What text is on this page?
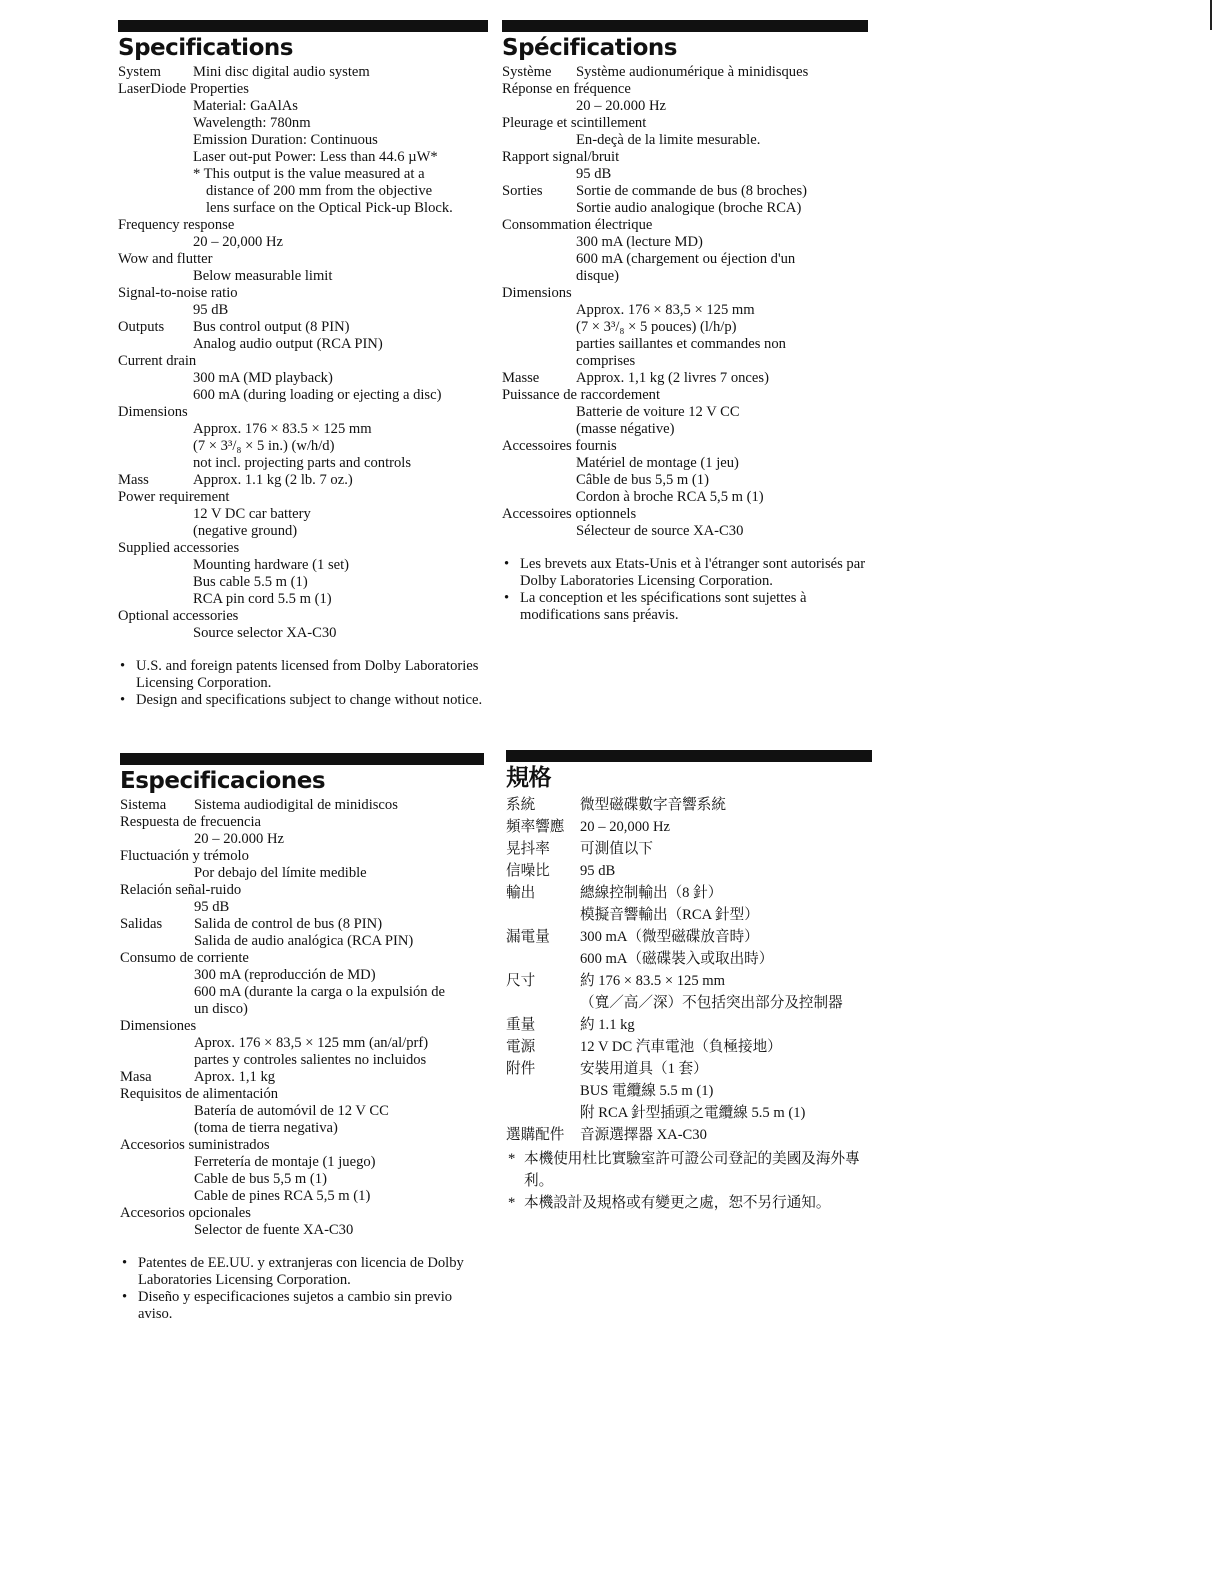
Specifications
System Mini disc digital audio system
LaserDiode Properties
Material: GaAlAs
Wavelength: 780nm
Emission Duration: Continuous
Laser out-put Power: Less than 44.6 µW*
* This output is the value measured at a
distance of 200 mm from the objective
lens surface on the Optical Pick-up Block.
Frequency response
20 – 20,000 Hz
Wow and flutter
Below measurable limit
Signal-to-noise ratio
95 dB
Outputs Bus control output (8 PIN)
Analog audio output (RCA PIN)
Current drain
300 mA (MD playback)
600 mA (during loading or ejecting a disc)
Dimensions
Approx. 176 × 83.5 × 125 mm
(7 × 3³/₈ × 5 in.) (w/h/d)
not incl. projecting parts and controls
Mass	Approx. 1.1 kg (2 lb. 7 oz.)
Power requirement
12 V DC car battery
(negative ground)
Supplied accessories
Mounting hardware (1 set)
Bus cable 5.5 m (1)
RCA pin cord 5.5 m (1)
Optional accessories
Source selector XA-C30
• U.S. and foreign patents licensed from Dolby Laboratories Licensing Corporation.
• Design and specifications subject to change without notice.
Spécifications
Système Système audionumérique à minidisques
Réponse en fréquence
20 – 20.000 Hz
Pleurage et scintillement
En-deçà de la limite mesurable.
Rapport signal/bruit
95 dB
Sorties Sortie de commande de bus (8 broches)
Sortie audio analogique (broche RCA)
Consommation électrique
300 mA (lecture MD)
600 mA (chargement ou éjection d'un
disque)
Dimensions
Approx. 176 × 83,5 × 125 mm
(7 × 3³/₈ × 5 pouces) (l/h/p)
parties saillantes et commandes non
comprises
Masse	Approx. 1,1 kg (2 livres 7 onces)
Puissance de raccordement
Batterie de voiture 12 V CC
(masse négative)
Accessoires fournis
Matériel de montage (1 jeu)
Câble de bus 5,5 m (1)
Cordon à broche RCA 5,5 m (1)
Accessoires optionnels
Sélecteur de source XA-C30
• Les brevets aux Etats-Unis et à l'étranger sont autorisés par Dolby Laboratories Licensing Corporation.
• La conception et les spécifications sont sujettes à modifications sans préavis.
Especificaciones
Sistema Sistema audiodigital de minidiscos
Respuesta de frecuencia
20 – 20.000 Hz
Fluctuación y trémolo
Por debajo del límite medible
Relación señal-ruido
95 dB
Salidas Salida de control de bus (8 PIN)
Salida de audio analógica (RCA PIN)
Consumo de corriente
300 mA (reproducción de MD)
600 mA (durante la carga o la expulsión de
un disco)
Dimensiones
Aprox. 176 × 83,5 × 125 mm (an/al/prf)
partes y controles salientes no incluidos
Masa	Aprox. 1,1 kg
Requisitos de alimentación
Batería de automóvil de 12 V CC
(toma de tierra negativa)
Accesorios suministrados
Ferretería de montaje (1 juego)
Cable de bus 5,5 m (1)
Cable de pines RCA 5,5 m (1)
Accesorios opcionales
Selector de fuente XA-C30
• Patentes de EE.UU. y extranjeras con licencia de Dolby Laboratories Licensing Corporation.
• Diseño y especificaciones sujetos a cambio sin previo aviso.
規格
系統	微型磁碟數字音響系統
頻率響應 20 – 20,000 Hz
晃抖率 可測值以下
信噪比 95 dB
輸出	總線控制輸出（8 針）
模擬音響輸出（RCA 針型）
漏電量 300 mA（微型磁碟放音時）
600 mA（磁碟裝入或取出時）
尺寸	約 176 × 83.5 × 125 mm
（寬／高／深）不包括突出部分及控制器
重量	約 1.1 kg
電源	12 V DC 汽車電池（負極接地）
附件	安裝用道具（1 套）
BUS 電纜線 5.5 m (1)
附 RCA 針型插頭之電纜線 5.5 m (1)
選購配件 音源選擇器 XA-C30
* 本機使用杜比實驗室許可證公司登記的美國及海外專利。
* 本機設計及規格或有變更之處，恕不另行通知。
